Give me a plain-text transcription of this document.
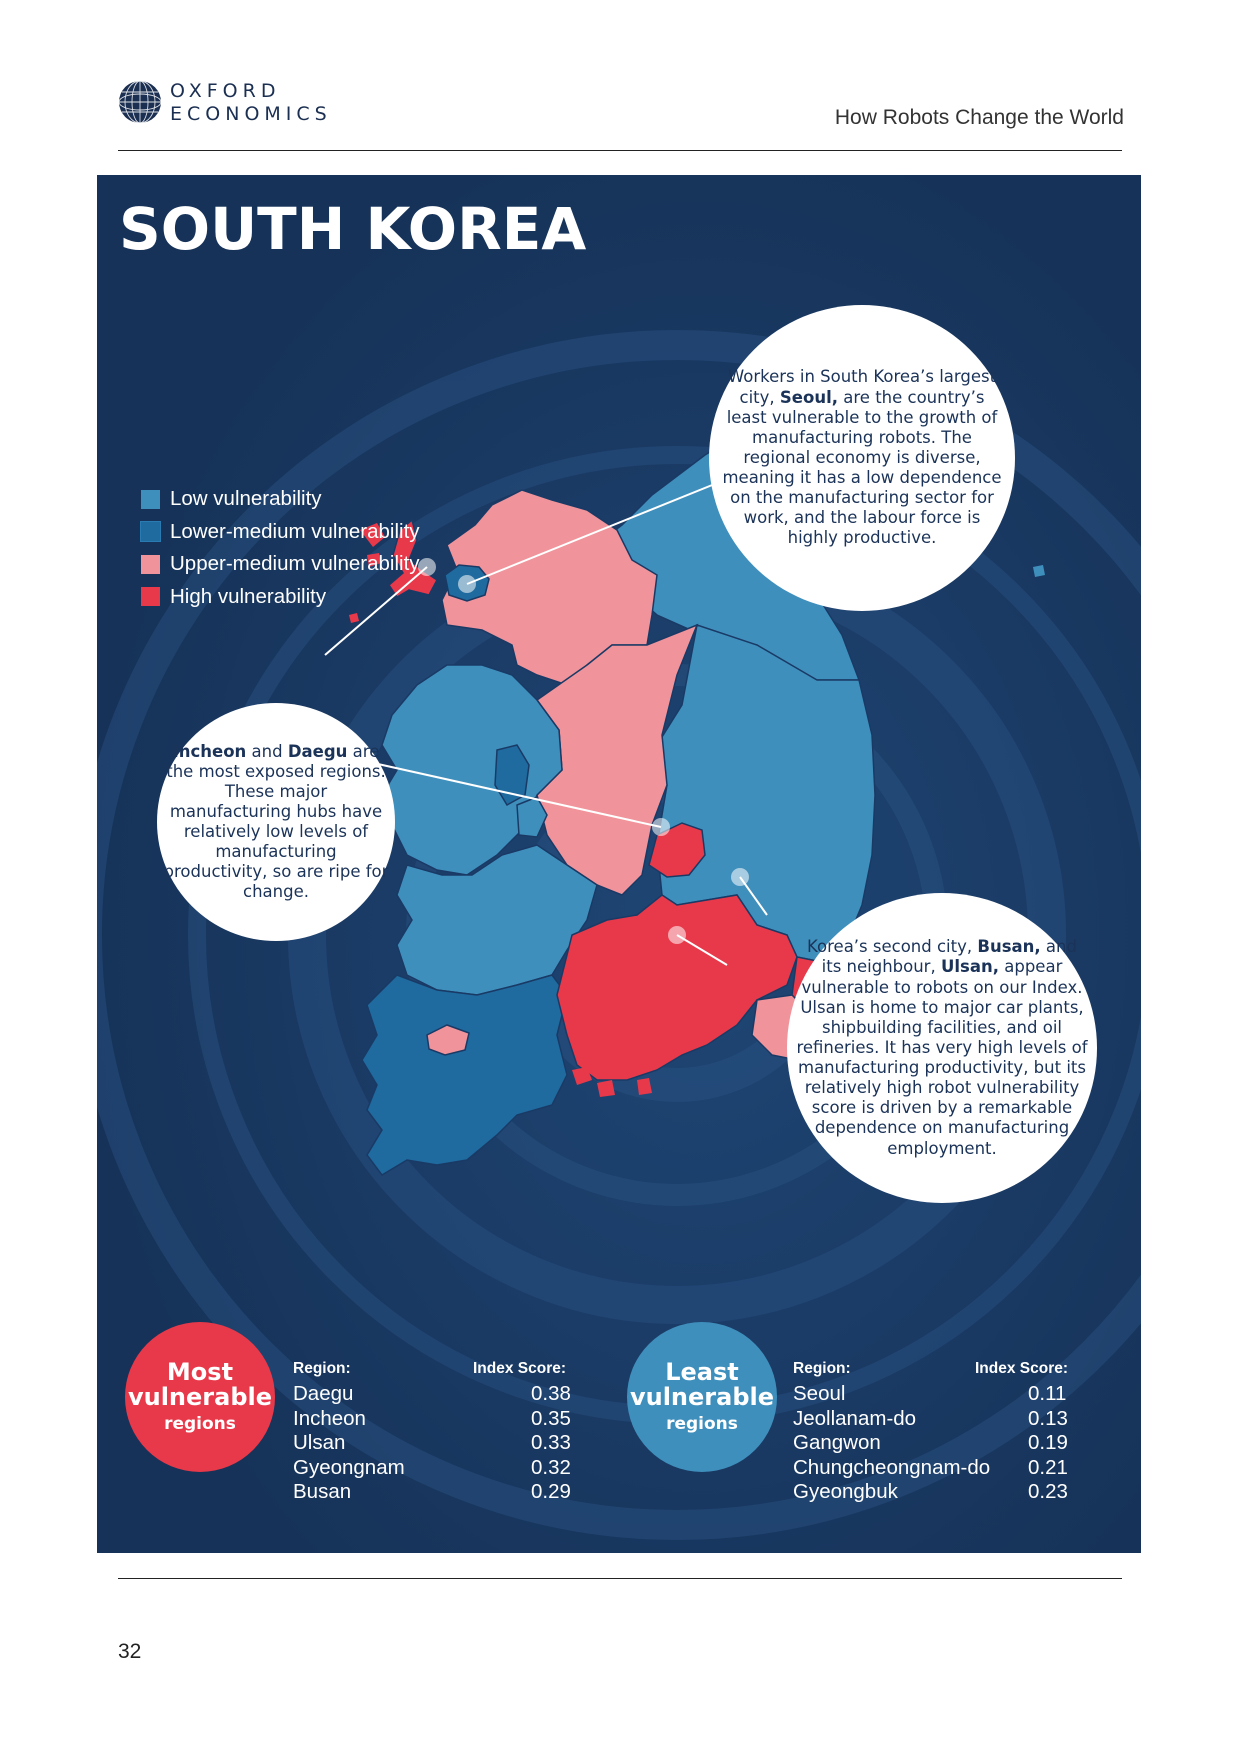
OXFORD
ECONOMICS	How Robots Change the World
SOUTH KOREA
Low vulnerability
Lower-medium vulnerability
Upper-medium vulnerability
High vulnerability

Workers in South Korea’s largest city, Seoul, are the country’s least vulnerable to the growth of manufacturing robots. The regional economy is diverse, meaning it has a low dependence on the manufacturing sector for work, and the labour force is highly productive.

Incheon and Daegu are the most exposed regions. These major manufacturing hubs have relatively low levels of manufacturing productivity, so are ripe for change.

Korea’s second city, Busan, and its neighbour, Ulsan, appear vulnerable to robots on our Index. Ulsan is home to major car plants, shipbuilding facilities, and oil refineries. It has very high levels of manufacturing productivity, but its relatively high robot vulnerability score is driven by a remarkable dependence on manufacturing employment.

Most
vulnerable
regions
Region:	Index Score:
Daegu	0.38
Incheon	0.35
Ulsan	0.33
Gyeongnam	0.32
Busan	0.29
Least
vulnerable
regions
Region:	Index Score:
Seoul	0.11
Jeollanam-do	0.13
Gangwon	0.19
Chungcheongnam-do 0.21
Gyeongbuk	0.23
32
